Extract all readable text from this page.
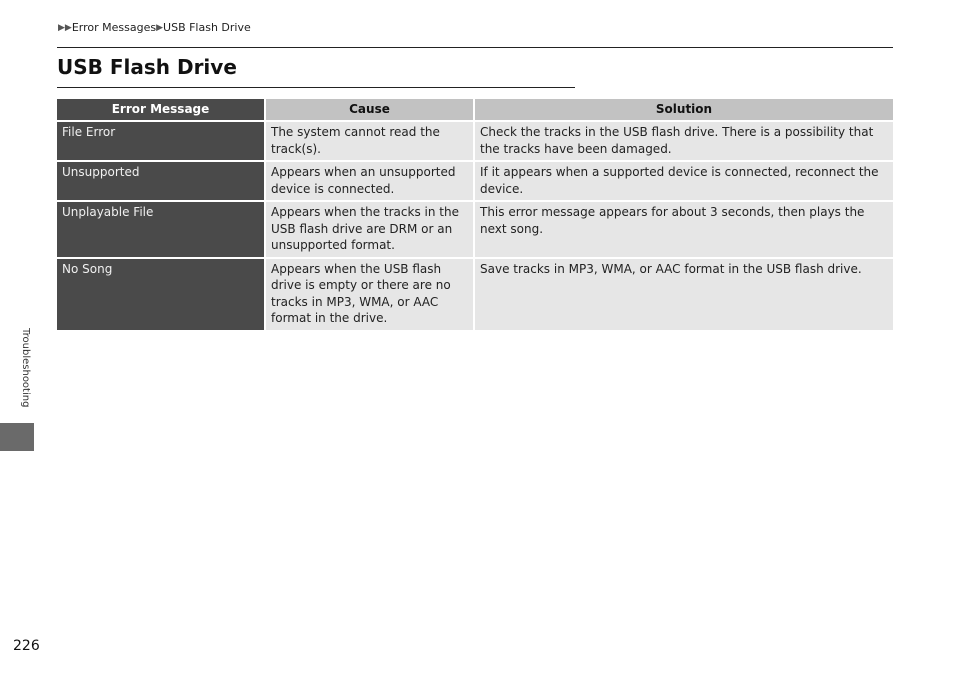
▶▶ Error Messages ▶ USB Flash Drive
USB Flash Drive
Error Message	Cause	Solution
File Error	The system cannot read the track(s).	Check the tracks in the USB flash drive. There is a possibility that the tracks have been damaged.
Unsupported	Appears when an unsupported device is connected.	If it appears when a supported device is connected, reconnect the device.
Unplayable File	Appears when the tracks in the USB flash drive are DRM or an unsupported format.	This error message appears for about 3 seconds, then plays the next song.
No Song	Appears when the USB flash drive is empty or there are no tracks in MP3, WMA, or AAC format in the drive.	Save tracks in MP3, WMA, or AAC format in the USB flash drive.
Troubleshooting
226
